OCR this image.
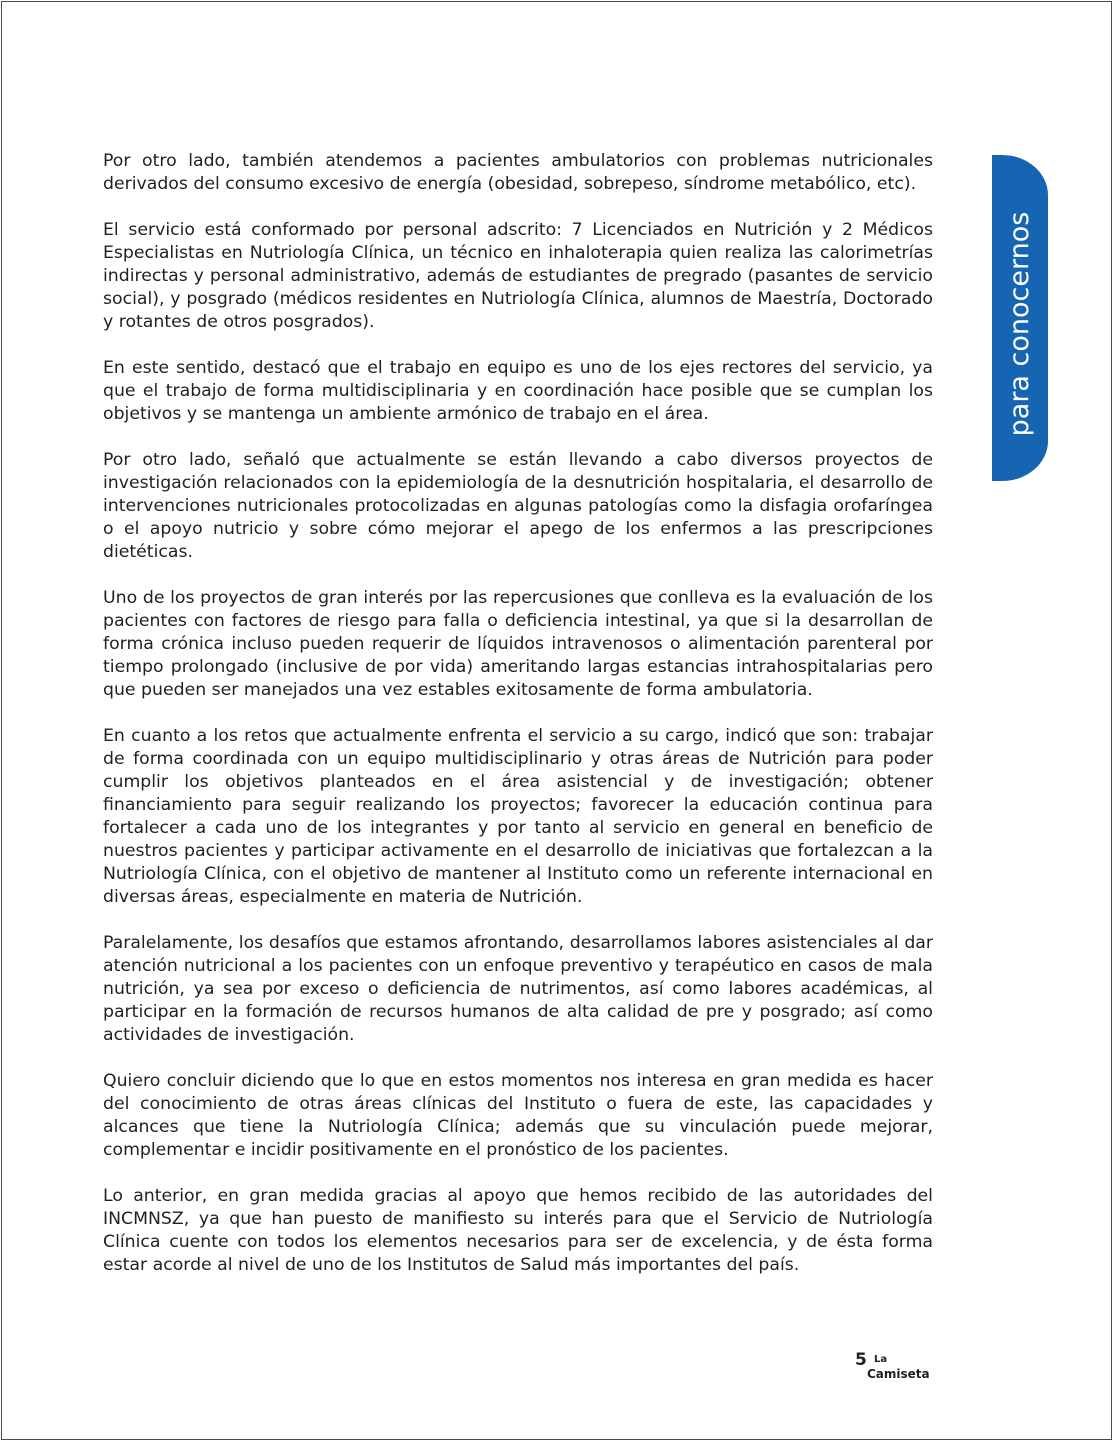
para conocernos

Por otro lado, también atendemos a pacientes ambulatorios con problemas nutricionales derivados del consumo excesivo de energía (obesidad, sobrepeso, síndrome metabólico, etc).

El servicio está conformado por personal adscrito: 7 Licenciados en Nutrición y 2 Médicos Especialistas en Nutriología Clínica, un técnico en inhaloterapia quien realiza las calorimetrías indirectas y personal administrativo, además de estudiantes de pregrado (pasantes de servicio social), y posgrado (médicos residentes en Nutriología Clínica, alumnos de Maestría, Doctorado y rotantes de otros posgrados).

En este sentido, destacó que el trabajo en equipo es uno de los ejes rectores del servicio, ya que el trabajo de forma multidisciplinaria y en coordinación hace posible que se cumplan los objetivos y se mantenga un ambiente armónico de trabajo en el área.

Por otro lado, señaló que actualmente se están llevando a cabo diversos proyectos de investigación relacionados con la epidemiología de la desnutrición hospitalaria, el desarrollo de intervenciones nutricionales protocolizadas en algunas patologías como la disfagia orofaríngea o el apoyo nutricio y sobre cómo mejorar el apego de los enfermos a las prescripciones dietéticas.

Uno de los proyectos de gran interés por las repercusiones que conlleva es la evaluación de los pacientes con factores de riesgo para falla o deficiencia intestinal, ya que si la desarrollan de forma crónica incluso pueden requerir de líquidos intravenosos o alimentación parenteral por tiempo prolongado (inclusive de por vida) ameritando largas estancias intrahospitalarias pero que pueden ser manejados una vez estables exitosamente de forma ambulatoria.

En cuanto a los retos que actualmente enfrenta el servicio a su cargo, indicó que son: trabajar de forma coordinada con un equipo multidisciplinario y otras áreas de Nutrición para poder cumplir los objetivos planteados en el área asistencial y de investigación; obtener financiamiento para seguir realizando los proyectos; favorecer la educación continua para fortalecer a cada uno de los integrantes y por tanto al servicio en general en beneficio de nuestros pacientes y participar activamente en el desarrollo de iniciativas que fortalezcan a la Nutriología Clínica, con el objetivo de mantener al Instituto como un referente internacional en diversas áreas, especialmente en materia de Nutrición.

Paralelamente, los desafíos que estamos afrontando, desarrollamos labores asistenciales al dar atención nutricional a los pacientes con un enfoque preventivo y terapéutico en casos de mala nutrición, ya sea por exceso o deficiencia de nutrimentos, así como labores académicas, al participar en la formación de recursos humanos de alta calidad de pre y posgrado; así como actividades de investigación.

Quiero concluir diciendo que lo que en estos momentos nos interesa en gran medida es hacer del conocimiento de otras áreas clínicas del Instituto o fuera de este, las capacidades y alcances que tiene la Nutriología Clínica; además que su vinculación puede mejorar, complementar e incidir positivamente en el pronóstico de los pacientes.

Lo anterior, en gran medida gracias al apoyo que hemos recibido de las autoridades del INCMNSZ, ya que han puesto de manifiesto su interés para que el Servicio de Nutriología Clínica cuente con todos los elementos necesarios para ser de excelencia, y de ésta forma estar acorde al nivel de uno de los Institutos de Salud más importantes del país.

5 La
Camiseta
